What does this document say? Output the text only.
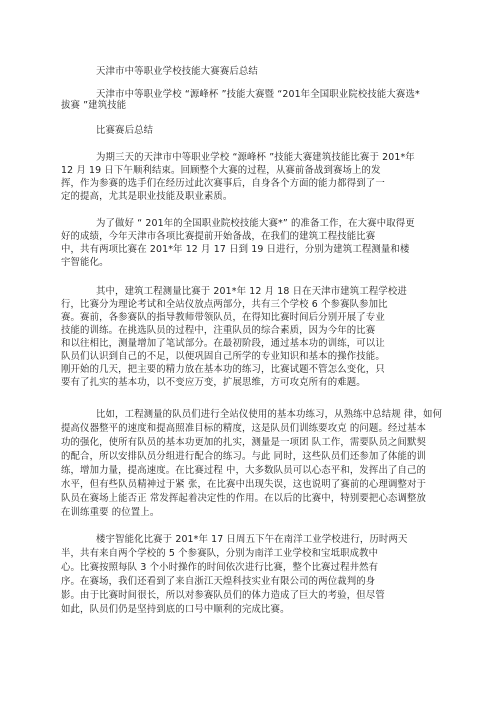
天津市中等职业学校技能大赛赛后总结
天津市中等职业学校 “源峰杯 ”技能大赛暨 “201年全国职业院校技能大赛选*
拔赛 ”建筑技能
比赛赛后总结
为期三天的天津市中等职业学校 “源峰杯 ”技能大赛建筑技能比赛于 201*年
12 月 19 日下午顺利结束。回顾整个大赛的过程，从赛前备战到赛场上的发
挥，作为参赛的选手们在经历过此次赛事后，自身各个方面的能力都得到了一
定的提高，尤其是职业技能及职业素质。
为了做好 “ 201年的全国职业院校技能大赛*” 的准备工作，在大赛中取得更
好的成绩，今年天津市各项比赛提前开始备战，在我们的建筑工程技能比赛
中，共有两项比赛在 201*年 12 月 17 日到 19 日进行，分别为建筑工程测量和楼
宇智能化。
其中，建筑工程测量比赛于 201*年 12 月 18 日在天津市建筑工程学校进
行，比赛分为理论考试和全站仪放点两部分，共有三个学校 6 个参赛队参加比
赛。赛前，各参赛队的指导教师带领队员，在得知比赛时间后分别开展了专业
技能的训练。在挑选队员的过程中，注重队员的综合素质，因为今年的比赛
和以往相比，测量增加了笔试部分。在最初阶段，通过基本功的训练，可以让
队员们认识到自己的不足，以便巩固自己所学的专业知识和基本的操作技能。
刚开始的几天，把主要的精力放在基本功的练习，比赛试题不管怎么变化，只
要有了扎实的基本功，以不变应万变，扩展思维，方可攻克所有的难题。
比如，工程测量的队员们进行全站仪使用的基本功练习，从熟练中总结规 律，如何
提高仪器整平的速度和提高照准目标的精度，这是队员们训练要攻克 的问题。经过基本
功的强化，使所有队员的基本功更加的扎实，测量是一项团 队工作，需要队员之间默契
的配合，所以安排队员分组进行配合的练习。与此 同时，这些队员们还参加了体能的训
练，增加力量，提高速度。在比赛过程 中，大多数队员可以心态平和，发挥出了自己的
水平，但有些队员精神过于紧 张，在比赛中出现失误，这也说明了赛前的心理调整对于
队员在赛场上能否正 常发挥起着决定性的作用。在以后的比赛中，特别要把心态调整放
在训练重要 的位置上。
楼宇智能化比赛于 201*年 17 日周五下午在南洋工业学校进行，历时两天
半，共有来自两个学校的 5 个参赛队，分别为南洋工业学校和宝坻职成教中
心。比赛按照每队 3 个小时操作的时间依次进行比赛，整个比赛过程井然有
序。在赛场，我们还看到了来自浙江天煌科技实业有限公司的两位裁判的身
影。由于比赛时间很长，所以对参赛队员们的体力造成了巨大的考验，但尽管
如此，队员们仍是坚持到底的口号中顺利的完成比赛。
